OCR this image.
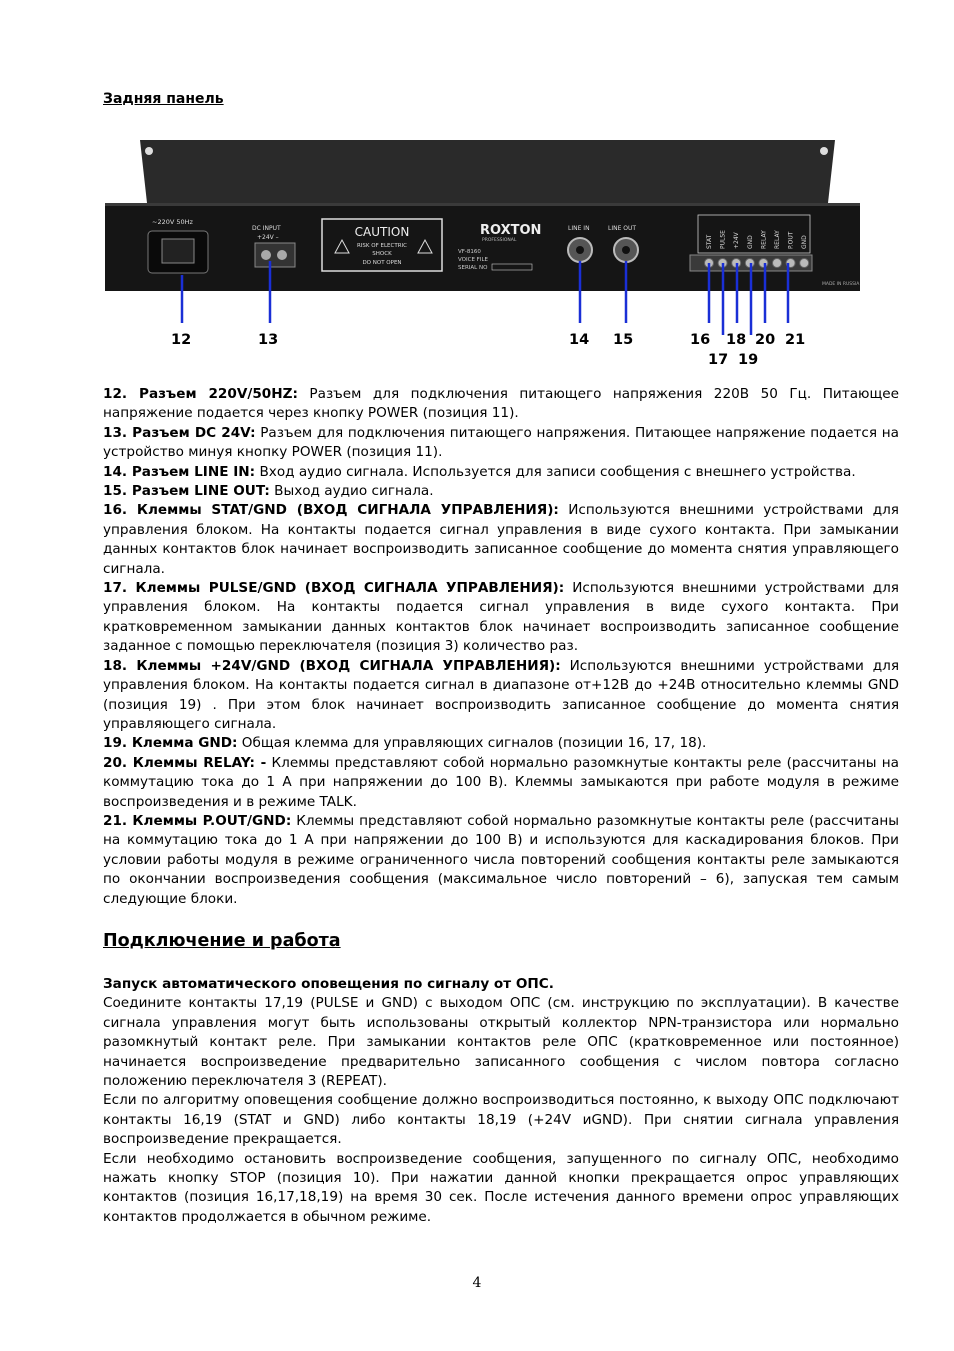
Задняя панель
~220V 50Hz
DC INPUT
+24V –	CAUTION
RISK OF ELECTRIC
SHOCK
DO NOT OPEN
ROXTON
PROFESSIONAL
VF-8160
VOICE FILE
SERIAL NO
LINE IN	LINE OUT
STAT PULSE +24V GND RELAY RELAY P.OUT GND
MADE IN RUSSIA
12	13	14 15	16
17
18
19
20 21

12. Разъем 220V/50HZ: Разъем для подключения питающего напряжения 220В 50 Гц. Питающее напряжение подается через кнопку POWER (позиция 11).

13. Разъем DC 24V: Разъем для подключения питающего напряжения. Питающее напряжение подается на устройство минуя кнопку POWER (позиция 11).

14. Разъем LINE IN: Вход аудио сигнала. Используется для записи сообщения с внешнего устройства.

15. Разъем LINE OUT: Выход аудио сигнала.

16. Клеммы STAT/GND (ВХОД СИГНАЛА УПРАВЛЕНИЯ): Используются внешними устройствами для управления блоком. На контакты подается сигнал управления в виде сухого контакта. При замыкании данных контактов блок начинает воспроизводить записанное сообщение до момента снятия управляющего сигнала.

17. Клеммы PULSE/GND (ВХОД СИГНАЛА УПРАВЛЕНИЯ): Используются внешними устройствами для управления блоком. На контакты подается сигнал управления в виде сухого контакта. При кратковременном замыкании данных контактов блок начинает воспроизводить записанное сообщение заданное с помощью переключателя (позиция 3) количество раз.

18. Клеммы +24V/GND (ВХОД СИГНАЛА УПРАВЛЕНИЯ): Используются внешними устройствами для управления блоком. На контакты подается сигнал в диапазоне от+12В до +24В относительно клеммы GND (позиция 19) . При этом блок начинает воспроизводить записанное сообщение до момента снятия управляющего сигнала.

19. Клемма GND: Общая клемма для управляющих сигналов (позиции 16, 17, 18).

20. Клеммы RELAY: - Клеммы представляют собой нормально разомкнутые контакты реле (рассчитаны на коммутацию тока до 1 А при напряжении до 100 В). Клеммы замыкаются при работе модуля в режиме воспроизведения и в режиме TALK.

21. Клеммы P.OUT/GND: Клеммы представляют собой нормально разомкнутые контакты реле (рассчитаны на коммутацию тока до 1 А при напряжении до 100 В) и используются для каскадирования блоков. При условии работы модуля в режиме ограниченного числа повторений сообщения контакты реле замыкаются по окончании воспроизведения сообщения (максимальное число повторений – 6), запуская тем самым следующие блоки.

Подключение и работа

Запуск автоматического оповещения по сигналу от ОПС.

Соедините контакты 17,19 (PULSE и GND) с выходом ОПС (см. инструкцию по эксплуатации). В качестве сигнала управления могут быть использованы открытый коллектор NPN-транзистора или нормально разомкнутый контакт реле. При замыкании контактов реле ОПС (кратковременное или постоянное) начинается воспроизведение предварительно записанного сообщения с числом повтора согласно положению переключателя 3 (REPEAT).

Если по алгоритму оповещения сообщение должно воспроизводиться постоянно, к выходу ОПС подключают контакты 16,19 (STAT и GND) либо контакты 18,19 (+24V иGND). При снятии сигнала управления воспроизведение прекращается.

Если необходимо остановить воспроизведение сообщения, запущенного по сигналу ОПС, необходимо нажать кнопку STOP (позиция 10). При нажатии данной кнопки прекращается опрос управляющих контактов (позиция 16,17,18,19) на время 30 сек. После истечения данного времени опрос управляющих контактов продолжается в обычном режиме.

4
